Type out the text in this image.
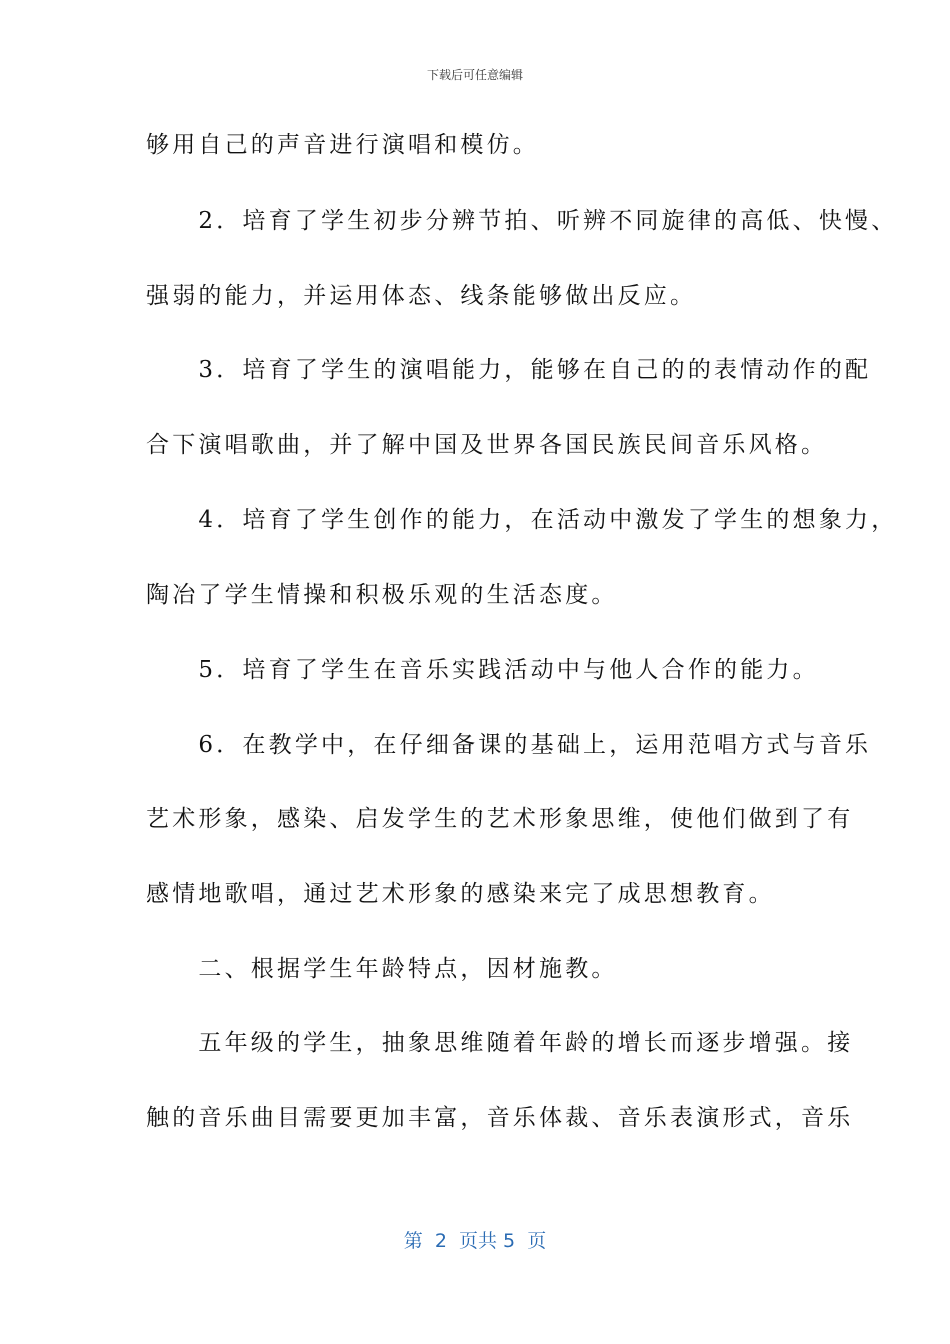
下载后可任意编辑
够用自己的声音进行演唱和模仿。
　　2．培育了学生初步分辨节拍、听辨不同旋律的高低、快慢、
强弱的能力，并运用体态、线条能够做出反应。
　　3．培育了学生的演唱能力，能够在自己的的表情动作的配
合下演唱歌曲，并了解中国及世界各国民族民间音乐风格。
　　4．培育了学生创作的能力，在活动中激发了学生的想象力，
陶冶了学生情操和积极乐观的生活态度。
　　5．培育了学生在音乐实践活动中与他人合作的能力。
　　6．在教学中，在仔细备课的基础上，运用范唱方式与音乐
艺术形象，感染、启发学生的艺术形象思维，使他们做到了有
感情地歌唱，通过艺术形象的感染来完了成思想教育。
　　二、根据学生年龄特点，因材施教。
　　五年级的学生，抽象思维随着年龄的增长而逐步增强。接
触的音乐曲目需要更加丰富，音乐体裁、音乐表演形式，音乐
第  2  页共 5  页
